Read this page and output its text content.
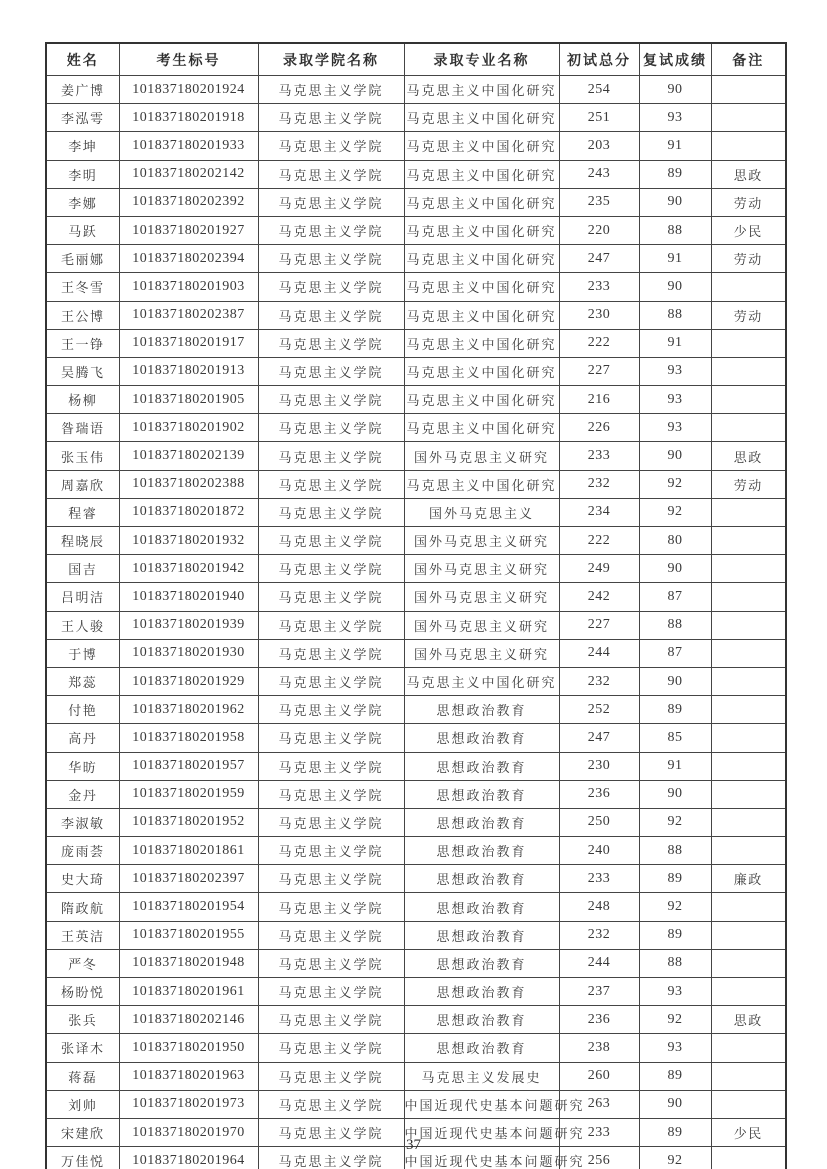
姓名	考生标号	录取学院名称	录取专业名称	初试总分	复试成绩	备注
姜广博	101837180201924	马克思主义学院	马克思主义中国化研究	254	90	
李泓雩	101837180201918	马克思主义学院	马克思主义中国化研究	251	93	
李坤	101837180201933	马克思主义学院	马克思主义中国化研究	203	91	
李明	101837180202142	马克思主义学院	马克思主义中国化研究	243	89	思政
李娜	101837180202392	马克思主义学院	马克思主义中国化研究	235	90	劳动
马跃	101837180201927	马克思主义学院	马克思主义中国化研究	220	88	少民
毛丽娜	101837180202394	马克思主义学院	马克思主义中国化研究	247	91	劳动
王冬雪	101837180201903	马克思主义学院	马克思主义中国化研究	233	90	
王公博	101837180202387	马克思主义学院	马克思主义中国化研究	230	88	劳动
王一铮	101837180201917	马克思主义学院	马克思主义中国化研究	222	91	
吴腾飞	101837180201913	马克思主义学院	马克思主义中国化研究	227	93	
杨柳	101837180201905	马克思主义学院	马克思主义中国化研究	216	93	
昝瑞语	101837180201902	马克思主义学院	马克思主义中国化研究	226	93	
张玉伟	101837180202139	马克思主义学院	国外马克思主义研究	233	90	思政
周嘉欣	101837180202388	马克思主义学院	马克思主义中国化研究	232	92	劳动
程睿	101837180201872	马克思主义学院	国外马克思主义	234	92	
程晓辰	101837180201932	马克思主义学院	国外马克思主义研究	222	80	
国吉	101837180201942	马克思主义学院	国外马克思主义研究	249	90	
吕明洁	101837180201940	马克思主义学院	国外马克思主义研究	242	87	
王人骏	101837180201939	马克思主义学院	国外马克思主义研究	227	88	
于博	101837180201930	马克思主义学院	国外马克思主义研究	244	87	
郑蕊	101837180201929	马克思主义学院	马克思主义中国化研究	232	90	
付艳	101837180201962	马克思主义学院	思想政治教育	252	89	
高丹	101837180201958	马克思主义学院	思想政治教育	247	85	
华昉	101837180201957	马克思主义学院	思想政治教育	230	91	
金丹	101837180201959	马克思主义学院	思想政治教育	236	90	
李淑敏	101837180201952	马克思主义学院	思想政治教育	250	92	
庞雨荟	101837180201861	马克思主义学院	思想政治教育	240	88	
史大琦	101837180202397	马克思主义学院	思想政治教育	233	89	廉政
隋政航	101837180201954	马克思主义学院	思想政治教育	248	92	
王英洁	101837180201955	马克思主义学院	思想政治教育	232	89	
严冬	101837180201948	马克思主义学院	思想政治教育	244	88	
杨盼悦	101837180201961	马克思主义学院	思想政治教育	237	93	
张兵	101837180202146	马克思主义学院	思想政治教育	236	92	思政
张译木	101837180201950	马克思主义学院	思想政治教育	238	93	
蒋磊	101837180201963	马克思主义学院	马克思主义发展史	260	89	
刘帅	101837180201973	马克思主义学院	中国近现代史基本问题研究	263	90	
宋建欣	101837180201970	马克思主义学院	中国近现代史基本问题研究	233	89	少民
万佳悦	101837180201964	马克思主义学院	中国近现代史基本问题研究	256	92	
37
